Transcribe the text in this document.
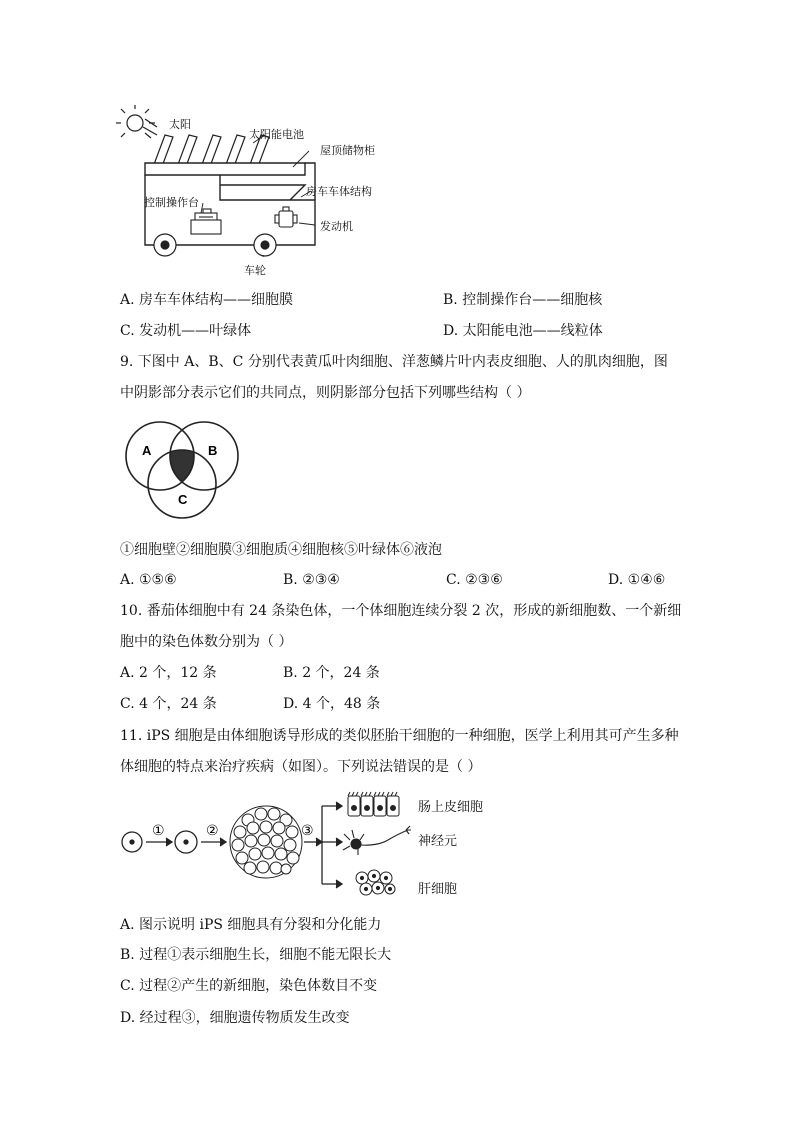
太阳
太阳能电池
屋顶储物柜
房车车体结构
控制操作台
发动机
车轮
A. 房车车体结构——细胞膜	B. 控制操作台——细胞核
C. 发动机——叶绿体	D. 太阳能电池——线粒体
9. 下图中 A、B、C 分别代表黄瓜叶肉细胞、洋葱鳞片叶内表皮细胞、人的肌肉细胞，图
中阴影部分表示它们的共同点，则阴影部分包括下列哪些结构（ ）
A	B
C
①细胞壁②细胞膜③细胞质④细胞核⑤叶绿体⑥液泡
A. ①⑤⑥	B. ②③④	C. ②③⑥	D. ①④⑥
10. 番茄体细胞中有 24 条染色体，一个体细胞连续分裂 2 次，形成的新细胞数、一个新细
胞中的染色体数分别为（ ）
A. 2 个，12 条	B. 2 个，24 条
C. 4 个，24 条	D. 4 个，48 条
11. iPS 细胞是由体细胞诱导形成的类似胚胎干细胞的一种细胞，医学上利用其可产生多种
体细胞的特点来治疗疾病（如图）。下列说法错误的是（ ）
①	②	③
肠上皮细胞
神经元
肝细胞
A. 图示说明 iPS 细胞具有分裂和分化能力
B. 过程①表示细胞生长，细胞不能无限长大
C. 过程②产生的新细胞，染色体数目不变
D. 经过程③，细胞遗传物质发生改变
